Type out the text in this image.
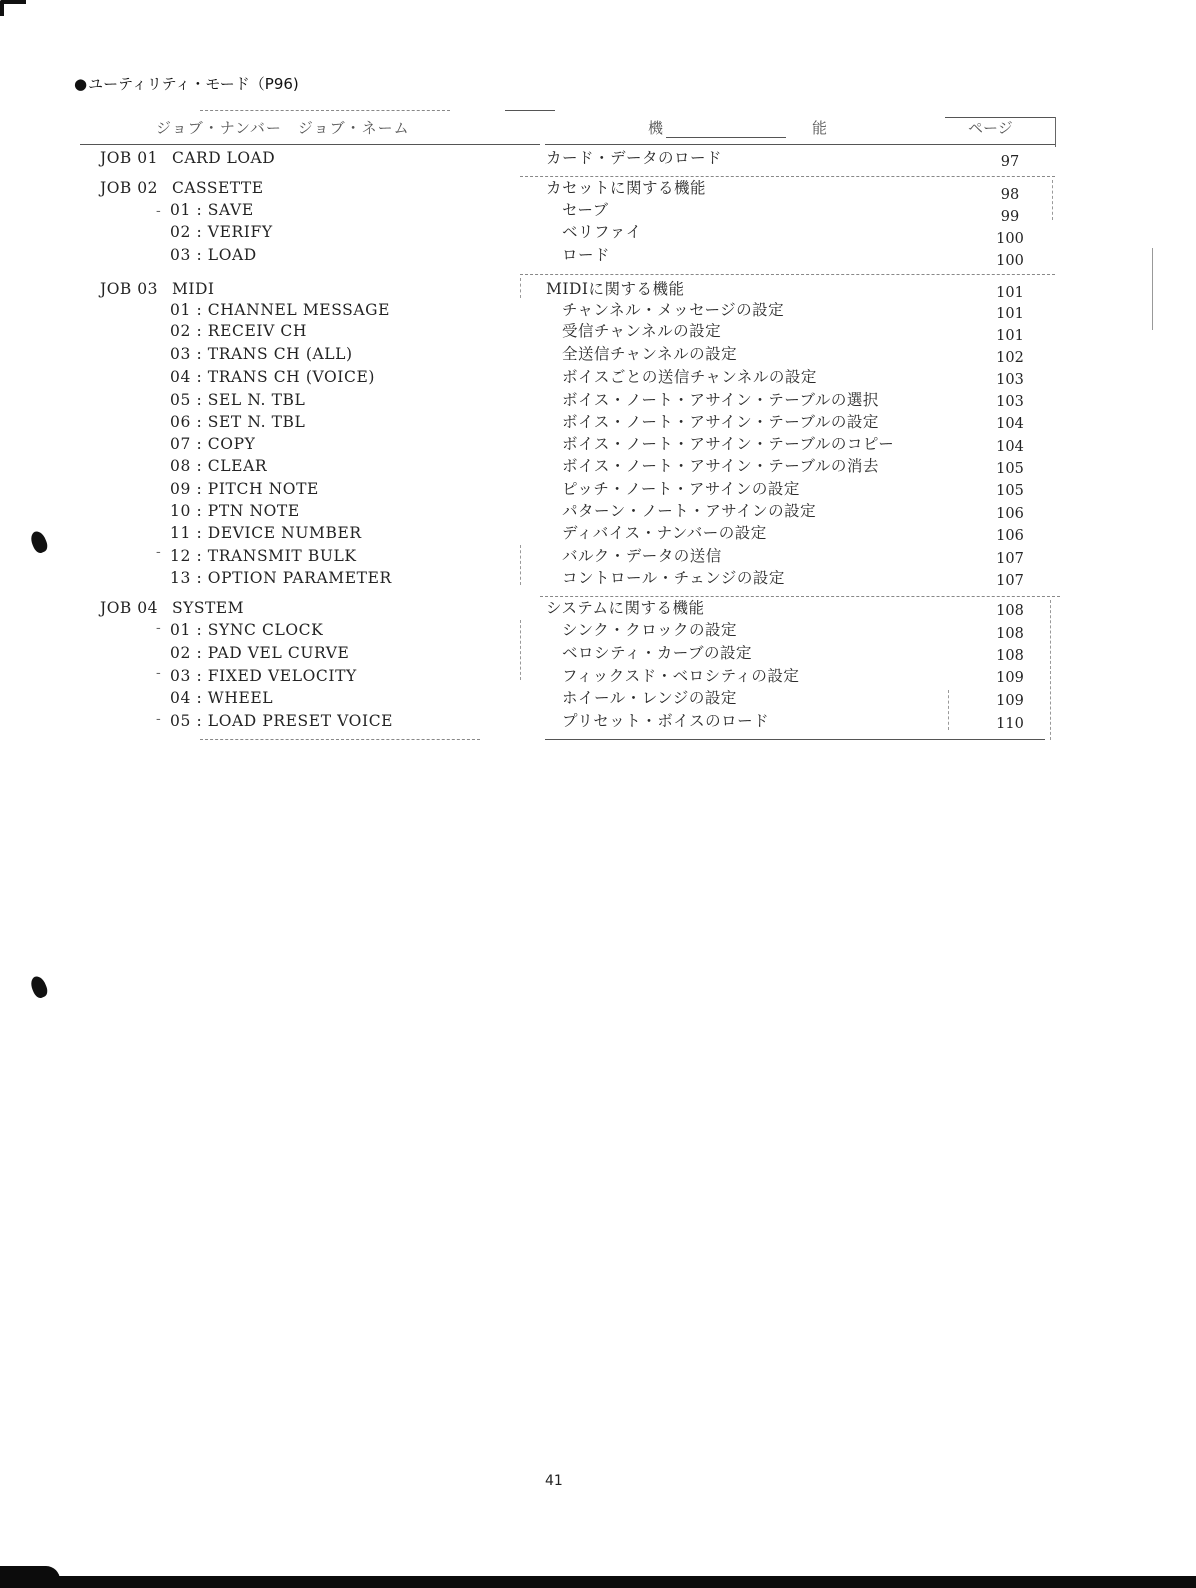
●ユーティリティ・モード（P96)
ジョブ・ナンバー　ジョブ・ネーム	機	能	ページ
-
-
-
-
-
JOB 01 CARD LOAD	カード・データのロード	97
JOB 02 CASSETTE	カセットに関する機能	98
01 : SAVE	セーブ	99
02 : VERIFY	ベリファイ	100
03 : LOAD	ロード	100
JOB 03 MIDI	MIDIに関する機能	101
01 : CHANNEL MESSAGE	チャンネル・メッセージの設定	101
02 : RECEIV CH	受信チャンネルの設定	101
03 : TRANS CH (ALL)	全送信チャンネルの設定	102
04 : TRANS CH (VOICE)	ボイスごとの送信チャンネルの設定	103
05 : SEL N. TBL	ボイス・ノート・アサイン・テーブルの選択	103
06 : SET N. TBL	ボイス・ノート・アサイン・テーブルの設定	104
07 : COPY	ボイス・ノート・アサイン・テーブルのコピー	104
08 : CLEAR	ボイス・ノート・アサイン・テーブルの消去	105
09 : PITCH NOTE	ピッチ・ノート・アサインの設定	105
10 : PTN NOTE	パターン・ノート・アサインの設定	106
11 : DEVICE NUMBER	ディバイス・ナンバーの設定	106
12 : TRANSMIT BULK	バルク・データの送信	107
13 : OPTION PARAMETER	コントロール・チェンジの設定	107
JOB 04 SYSTEM	システムに関する機能	108
01 : SYNC CLOCK	シンク・クロックの設定	108
02 : PAD VEL CURVE	ベロシティ・カーブの設定	108
03 : FIXED VELOCITY	フィックスド・ベロシティの設定	109
04 : WHEEL	ホイール・レンジの設定	109
05 : LOAD PRESET VOICE	プリセット・ボイスのロード	110
41
